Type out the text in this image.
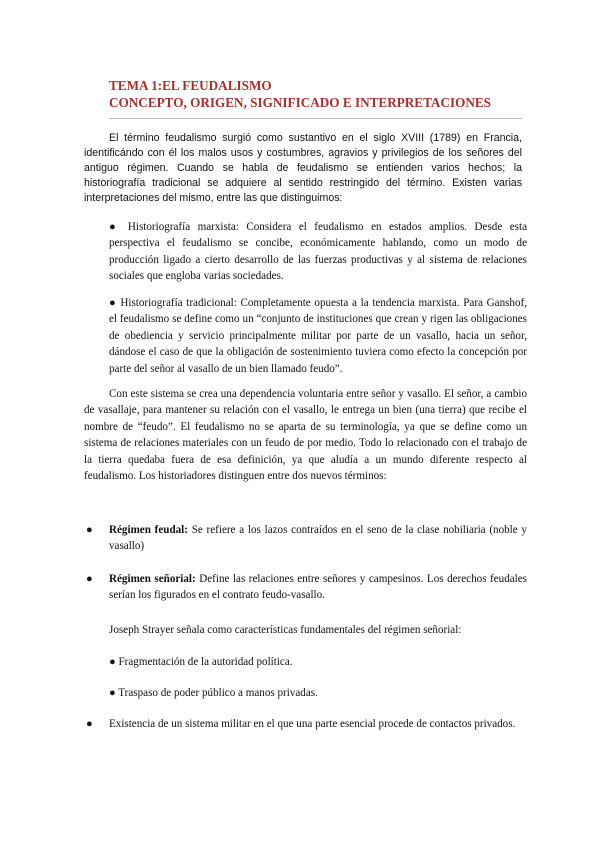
TEMA 1:EL FEUDALISMO
CONCEPTO, ORIGEN, SIGNIFICADO E INTERPRETACIONES

El término feudalismo surgió como sustantivo en el siglo XVIII (1789) en Francia, identificándo con él los malos usos y costumbres, agravios y privilegios de los señores del antiguo régimen. Cuando se habla de feudalismo se entienden varios hechos; la historiografía tradicional se adquiere al sentido restringido del término. Existen varias interpretaciones del mismo, entre las que distinguimos:

● Historiografía marxista: Considera el feudalismo en estados amplios. Desde esta perspectiva el feudalismo se concibe, económicamente hablando, como un modo de producción ligado a cierto desarrollo de las fuerzas productivas y al sistema de relaciones sociales que engloba varias sociedades.

● Historiografía tradicional: Completamente opuesta a la tendencia marxista. Para Ganshof, el feudalismo se define como un “conjunto de instituciones que crean y rigen las obligaciones de obediencia y servicio principalmente militar por parte de un vasallo, hacia un señor, dándose el caso de que la obligación de sostenimiento tuviera como efecto la concepción por parte del señor al vasallo de un bien llamado feudo”.

Con este sistema se crea una dependencia voluntaria entre señor y vasallo. El señor, a cambio de vasallaje, para mantener su relación con el vasallo, le entrega un bien (una tierra) que recibe el nombre de “feudo”. El feudalismo no se aparta de su terminología, ya que se define como un sistema de relaciones materiales con un feudo de por medio. Todo lo relacionado con el trabajo de la tierra quedaba fuera de esa definición, ya que aludía a un mundo diferente respecto al feudalismo. Los historiadores distinguen entre dos nuevos términos:

● Régimen feudal: Se refiere a los lazos contraídos en el seno de la clase nobiliaria (noble y vasallo)

● Régimen señorial: Define las relaciones entre señores y campesinos. Los derechos feudales serían los figurados en el contrato feudo-vasallo.

Joseph Strayer señala como características fundamentales del régimen señorial:

● Fragmentación de la autoridad política.

● Traspaso de poder público a manos privadas.

● Existencia de un sistema militar en el que una parte esencial procede de contactos privados.
